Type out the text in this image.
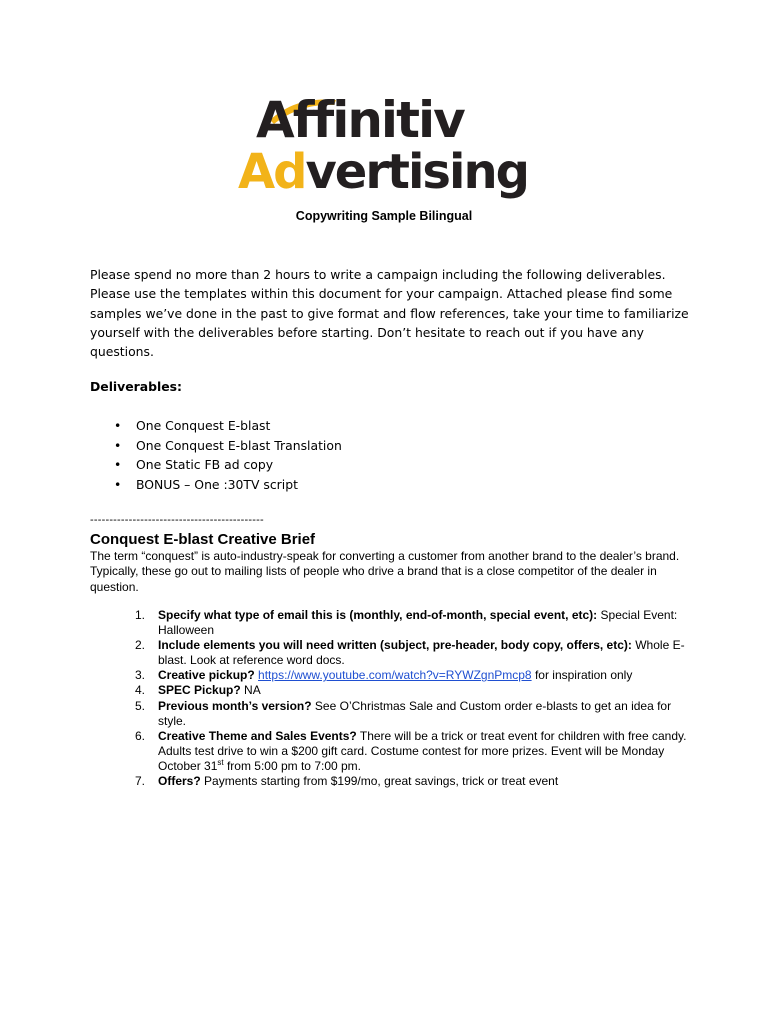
Affinitiv
Advertising
Copywriting Sample Bilingual

Please spend no more than 2 hours to write a campaign including the following deliverables. Please use the templates within this document for your campaign. Attached please find some samples we’ve done in the past to give format and flow references, take your time to familiarize yourself with the deliverables before starting. Don’t hesitate to reach out if you have any questions.

Deliverables:
• One Conquest E-blast
• One Conquest E-blast Translation
• One Static FB ad copy
• BONUS – One :30TV script
---------------------------------------------
Conquest E-blast Creative Brief

The term “conquest” is auto-industry-speak for converting a customer from another brand to the dealer’s brand. Typically, these go out to mailing lists of people who drive a brand that is a close competitor of the dealer in question.

1. Specify what type of email this is (monthly, end-of-month, special event, etc): Special Event: Halloween
2. Include elements you will need written (subject, pre-header, body copy, offers, etc): Whole E-blast. Look at reference word docs.
3. Creative pickup? https://www.youtube.com/watch?v=RYWZgnPmcp8 for inspiration only
4. SPEC Pickup? NA
5. Previous month’s version? See O’Christmas Sale and Custom order e-blasts to get an idea for style.
6. Creative Theme and Sales Events? There will be a trick or treat event for children with free candy. Adults test drive to win a $200 gift card. Costume contest for more prizes. Event will be Monday October 31st from 5:00 pm to 7:00 pm.
7. Offers? Payments starting from $199/mo, great savings, trick or treat event
